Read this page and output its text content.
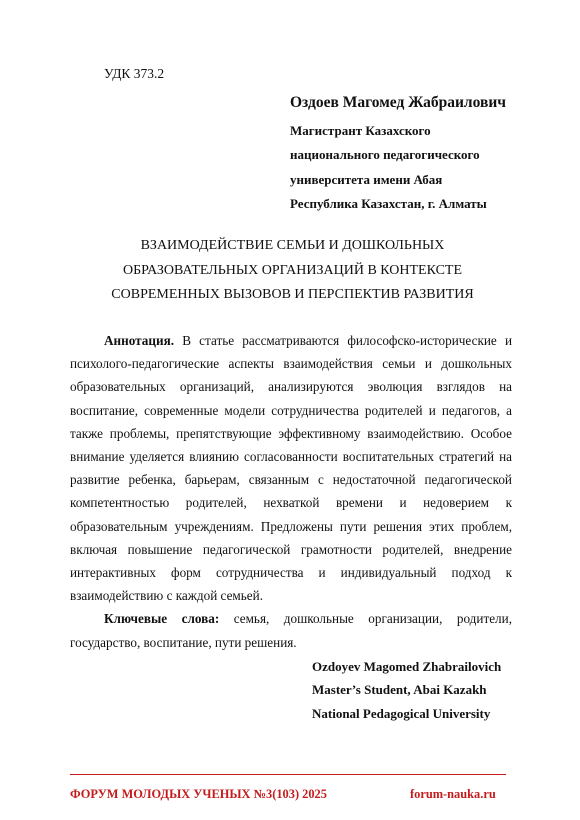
УДК 373.2
Оздоев Магомед Жабраилович
Магистрант Казахского
национального педагогического
университета имени Абая
Республика Казахстан, г. Алматы
ВЗАИМОДЕЙСТВИЕ СЕМЬИ И ДОШКОЛЬНЫХ
ОБРАЗОВАТЕЛЬНЫХ ОРГАНИЗАЦИЙ В КОНТЕКСТЕ
СОВРЕМЕННЫХ ВЫЗОВОВ И ПЕРСПЕКТИВ РАЗВИТИЯ

Аннотация. В статье рассматриваются философско-исторические и психолого-педагогические аспекты взаимодействия семьи и дошкольных образовательных организаций, анализируются эволюция взглядов на воспитание, современные модели сотрудничества родителей и педагогов, а также проблемы, препятствующие эффективному взаимодействию. Особое внимание уделяется влиянию согласованности воспитательных стратегий на развитие ребенка, барьерам, связанным с недостаточной педагогической компетентностью родителей, нехваткой времени и недоверием к образовательным учреждениям. Предложены пути решения этих проблем, включая повышение педагогической грамотности родителей, внедрение интерактивных форм сотрудничества и индивидуальный подход к взаимодействию с каждой семьей.

Ключевые слова: семья, дошкольные организации, родители, государство, воспитание, пути решения.

Ozdoyev Magomed Zhabrailovich
Master’s Student, Abai Kazakh
National Pedagogical University
ФОРУМ МОЛОДЫХ УЧЕНЫХ №3(103) 2025	forum-nauka.ru
